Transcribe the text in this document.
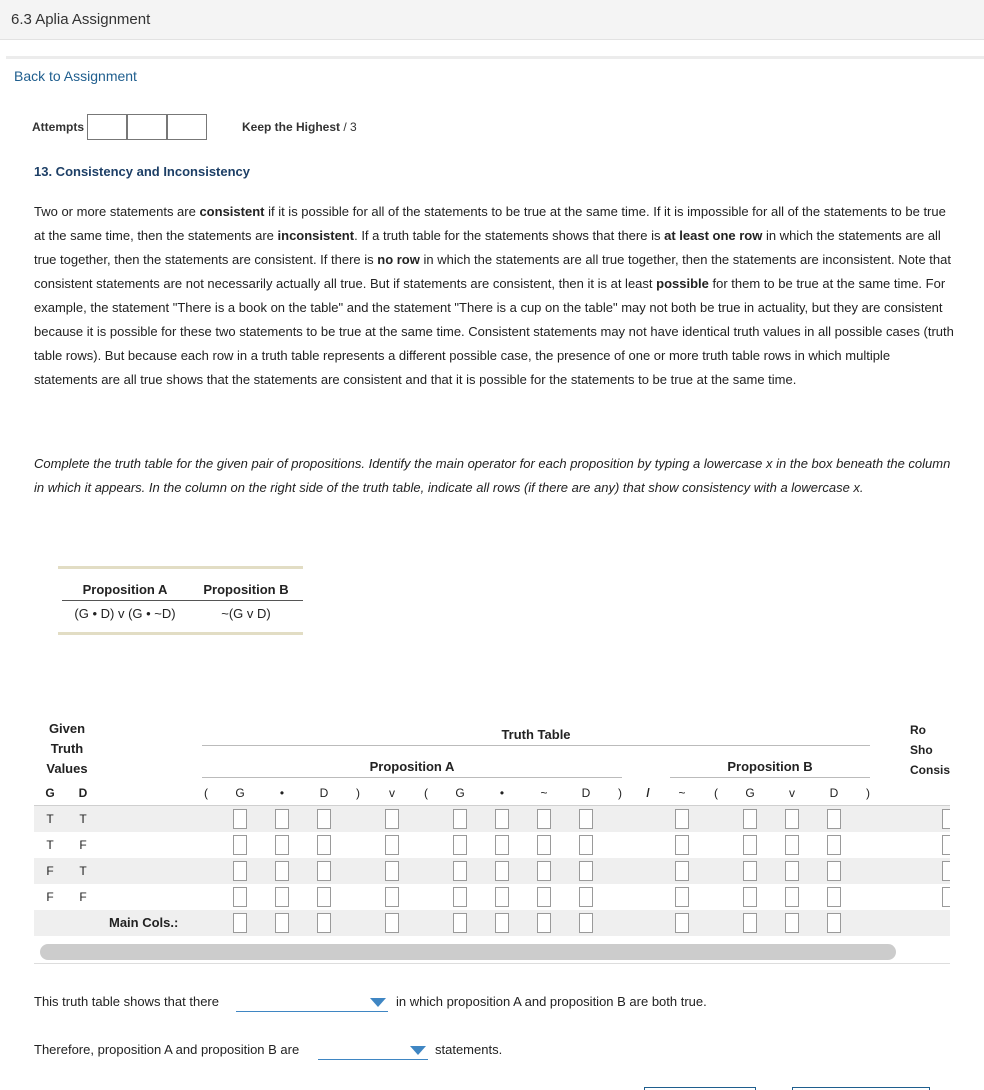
6.3 Aplia Assignment
Back to Assignment
Attempts	Keep the Highest / 3
13. Consistency and Inconsistency
Two or more statements are consistent if it is possible for all of the statements to be true at the same time. If it is impossible for all of the statements to be true at the same time, then the statements are inconsistent. If a truth table for the statements shows that there is at least one row in which the statements are all true together, then the statements are consistent. If there is no row in which the statements are all true together, then the statements are inconsistent. Note that consistent statements are not necessarily actually all true. But if statements are consistent, then it is at least possible for them to be true at the same time. For example, the statement "There is a book on the table" and the statement "There is a cup on the table" may not both be true in actuality, but they are consistent because it is possible for these two statements to be true at the same time. Consistent statements may not have identical truth values in all possible cases (truth table rows). But because each row in a truth table represents a different possible case, the presence of one or more truth table rows in which multiple statements are all true shows that the statements are consistent and that it is possible for the statements to be true at the same time.
Complete the truth table for the given pair of propositions. Identify the main operator for each proposition by typing a lowercase x in the box beneath the column in which it appears. In the column on the right side of the truth table, indicate all rows (if there are any) that show consistency with a lowercase x.
Proposition A	Proposition B
(G • D) v (G • ~D)	~(G v D)
Given
Truth
Values
Truth Table
Proposition A	Proposition B
Ro
Sho
Consis
G	D	(	G	•	D	)	v	(	G	•	~	D	)	/	~	(	G	v	D	)
T	T
T	F
F	T
F	F
Main Cols.:
This truth table shows that there	in which proposition A and proposition B are both true.
Therefore, proposition A and proposition B are	statements.
